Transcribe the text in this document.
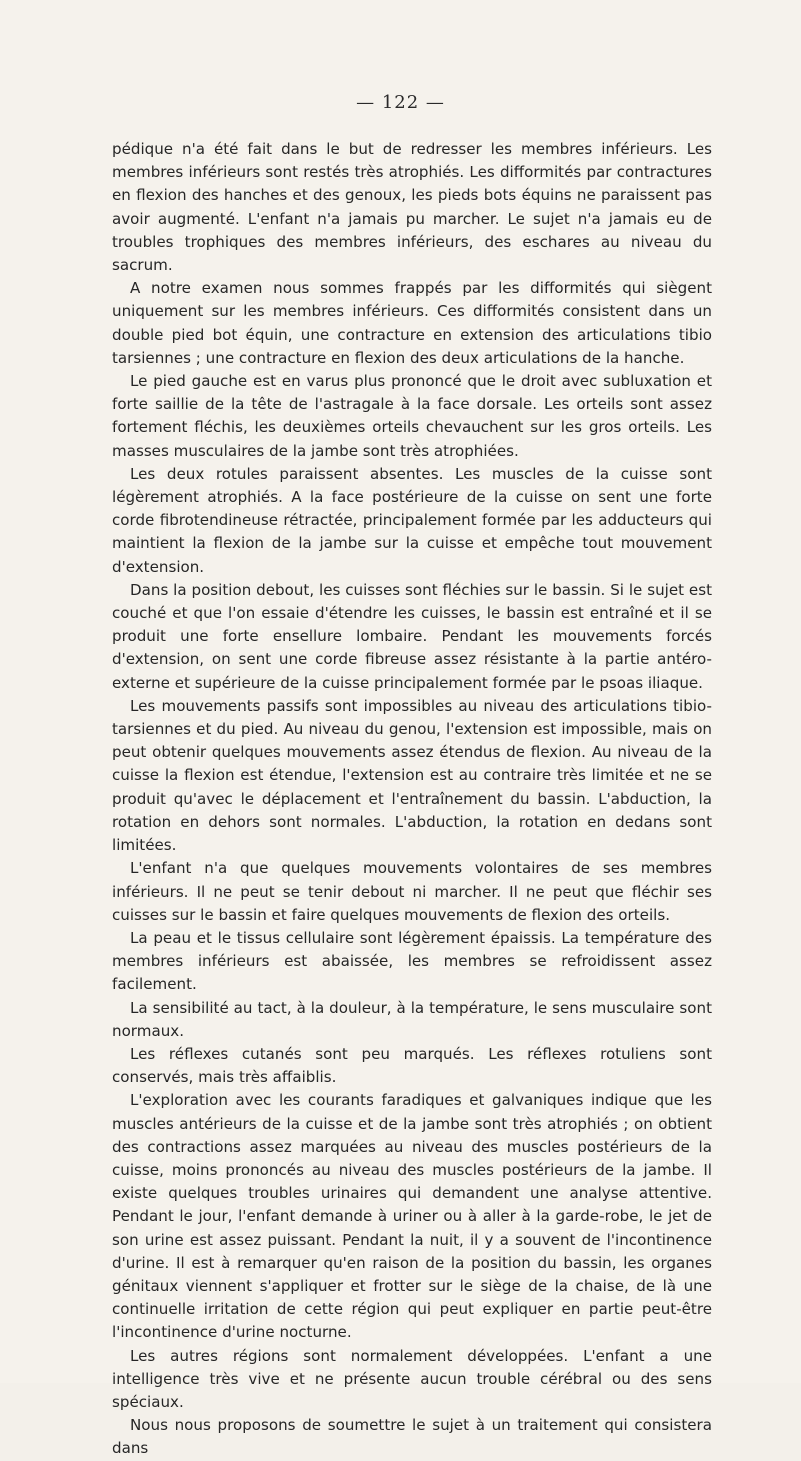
— 122 —

pédique n'a été fait dans le but de redresser les membres inférieurs. Les membres inférieurs sont restés très atrophiés. Les difformités par contractures en flexion des hanches et des genoux, les pieds bots équins ne paraissent pas avoir augmenté. L'enfant n'a jamais pu marcher. Le sujet n'a jamais eu de troubles trophiques des membres inférieurs, des eschares au niveau du sacrum.

A notre examen nous sommes frappés par les difformités qui siègent uniquement sur les membres inférieurs. Ces difformités consistent dans un double pied bot équin, une contracture en extension des articulations tibio tarsiennes ; une contracture en flexion des deux articulations de la hanche.

Le pied gauche est en varus plus prononcé que le droit avec subluxation et forte saillie de la tête de l'astragale à la face dorsale. Les orteils sont assez fortement fléchis, les deuxièmes orteils chevauchent sur les gros orteils. Les masses musculaires de la jambe sont très atrophiées.

Les deux rotules paraissent absentes. Les muscles de la cuisse sont légèrement atrophiés. A la face postérieure de la cuisse on sent une forte corde fibrotendineuse rétractée, principalement formée par les adducteurs qui maintient la flexion de la jambe sur la cuisse et empêche tout mouvement d'extension.

Dans la position debout, les cuisses sont fléchies sur le bassin. Si le sujet est couché et que l'on essaie d'étendre les cuisses, le bassin est entraîné et il se produit une forte ensellure lombaire. Pendant les mouvements forcés d'extension, on sent une corde fibreuse assez résistante à la partie antéro-externe et supérieure de la cuisse principalement formée par le psoas iliaque.

Les mouvements passifs sont impossibles au niveau des articulations tibio-tarsiennes et du pied. Au niveau du genou, l'extension est impossible, mais on peut obtenir quelques mouvements assez étendus de flexion. Au niveau de la cuisse la flexion est étendue, l'extension est au contraire très limitée et ne se produit qu'avec le déplacement et l'entraînement du bassin. L'abduction, la rotation en dehors sont normales. L'abduction, la rotation en dedans sont limitées.

L'enfant n'a que quelques mouvements volontaires de ses membres inférieurs. Il ne peut se tenir debout ni marcher. Il ne peut que fléchir ses cuisses sur le bassin et faire quelques mouvements de flexion des orteils.

La peau et le tissus cellulaire sont légèrement épaissis. La température des membres inférieurs est abaissée, les membres se refroidissent assez facilement.

La sensibilité au tact, à la douleur, à la température, le sens musculaire sont normaux.

Les réflexes cutanés sont peu marqués. Les réflexes rotuliens sont conservés, mais très affaiblis.

L'exploration avec les courants faradiques et galvaniques indique que les muscles antérieurs de la cuisse et de la jambe sont très atrophiés ; on obtient des contractions assez marquées au niveau des muscles postérieurs de la cuisse, moins prononcés au niveau des muscles postérieurs de la jambe. Il existe quelques troubles urinaires qui demandent une analyse attentive. Pendant le jour, l'enfant demande à uriner ou à aller à la garde-robe, le jet de son urine est assez puissant. Pendant la nuit, il y a souvent de l'incontinence d'urine. Il est à remarquer qu'en raison de la position du bassin, les organes génitaux viennent s'appliquer et frotter sur le siège de la chaise, de là une continuelle irritation de cette région qui peut expliquer en partie peut-être l'incontinence d'urine nocturne.

Les autres régions sont normalement développées. L'enfant a une intelligence très vive et ne présente aucun trouble cérébral ou des sens spéciaux.

Nous nous proposons de soumettre le sujet à un traitement qui consistera dans
